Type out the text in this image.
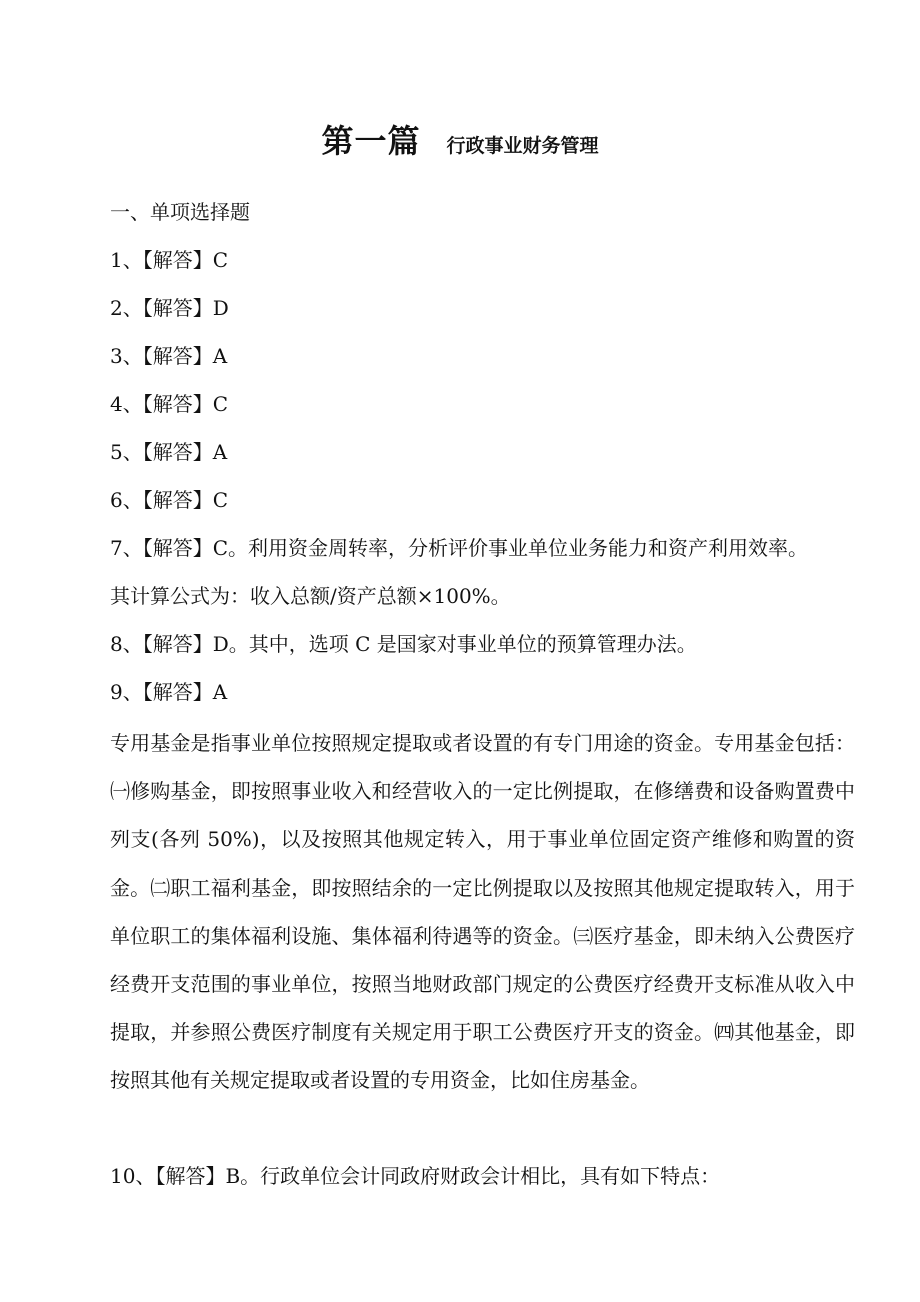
第一篇 行政事业财务管理
一、单项选择题
1、【解答】C
2、【解答】D
3、【解答】A
4、【解答】C
5、【解答】A
6、【解答】C
7、【解答】C。利用资金周转率，分析评价事业单位业务能力和资产利用效率。
其计算公式为：收入总额/资产总额×100%。
8、【解答】D。其中，选项 C 是国家对事业单位的预算管理办法。
9、【解答】A
专用基金是指事业单位按照规定提取或者设置的有专门用途的资金。专用基金包括：㈠修购基金，即按照事业收入和经营收入的一定比例提取，在修缮费和设备购置费中列支(各列 50%)，以及按照其他规定转入，用于事业单位固定资产维修和购置的资金。㈡职工福利基金，即按照结余的一定比例提取以及按照其他规定提取转入，用于单位职工的集体福利设施、集体福利待遇等的资金。㈢医疗基金，即未纳入公费医疗经费开支范围的事业单位，按照当地财政部门规定的公费医疗经费开支标准从收入中提取，并参照公费医疗制度有关规定用于职工公费医疗开支的资金。㈣其他基金，即按照其他有关规定提取或者设置的专用资金，比如住房基金。
10、【解答】B。行政单位会计同政府财政会计相比，具有如下特点：
